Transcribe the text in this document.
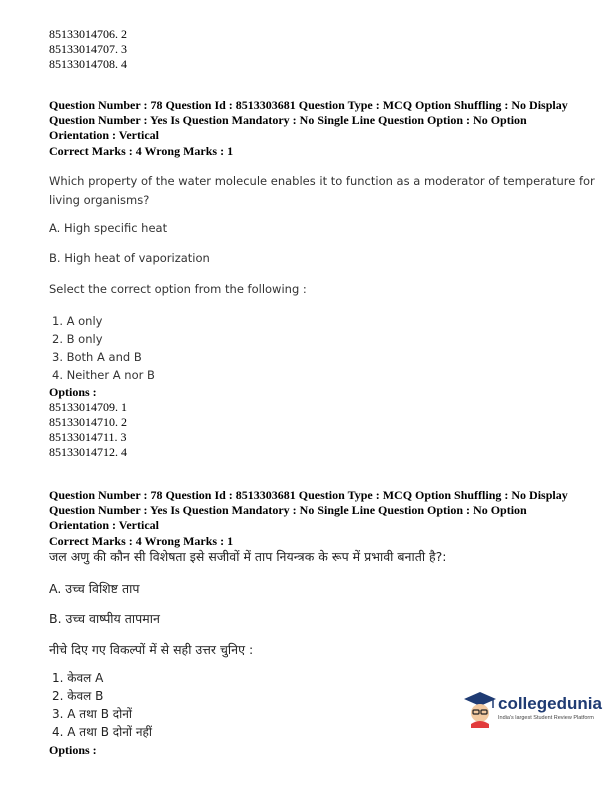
85133014706. 2
85133014707. 3
85133014708. 4
Question Number : 78 Question Id : 8513303681 Question Type : MCQ Option Shuffling : No Display
Question Number : Yes Is Question Mandatory : No Single Line Question Option : No Option
Orientation : Vertical
Correct Marks : 4 Wrong Marks : 1
Which property of the water molecule enables it to function as a moderator of temperature for
living organisms?
A. High specific heat
B. High heat of vaporization
Select the correct option from the following :
1. A only
2. B only
3. Both A and B
4. Neither A nor B
Options :
85133014709. 1
85133014710. 2
85133014711. 3
85133014712. 4
Question Number : 78 Question Id : 8513303681 Question Type : MCQ Option Shuffling : No Display
Question Number : Yes Is Question Mandatory : No Single Line Question Option : No Option
Orientation : Vertical
Correct Marks : 4 Wrong Marks : 1
जल अणु की कौन सी विशेषता इसे सजीवों में ताप नियन्त्रक के रूप में प्रभावी बनाती है?:
A. उच्च विशिष्ट ताप
B. उच्च वाष्पीय तापमान
नीचे दिए गए विकल्पों में से सही उत्तर चुनिए :
1. केवल A
2. केवल B
3. A तथा B दोनों
4. A तथा B दोनों नहीं
Options :
collegedunia
India's largest Student Review Platform
